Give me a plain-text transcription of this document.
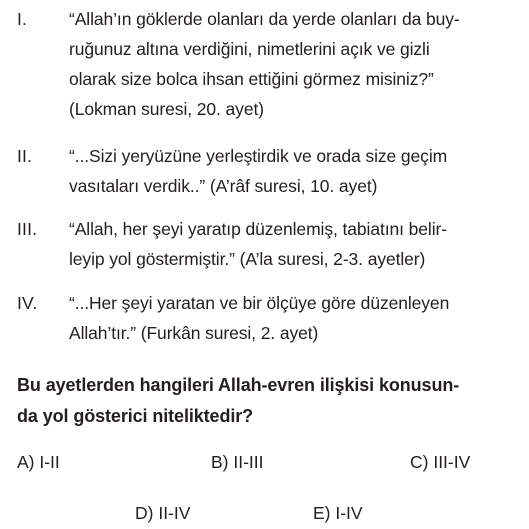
I. “Allah’ın göklerde olanları da yerde olanları da buy-
ruğunuz altına verdiğini, nimetlerini açık ve gizli
olarak size bolca ihsan ettiğini görmez misiniz?”
(Lokman suresi, 20. ayet)
II. “...Sizi yeryüzüne yerleştirdik ve orada size geçim
vasıtaları verdik..” (A’râf suresi, 10. ayet)
III. “Allah, her şeyi yaratıp düzenlemiş, tabiatını belir-
leyip yol göstermiştir.” (A’la suresi, 2-3. ayetler)
IV. “...Her şeyi yaratan ve bir ölçüye göre düzenleyen
Allah’tır.” (Furkân suresi, 2. ayet)
Bu ayetlerden hangileri Allah-evren ilişkisi konusun-
da yol gösterici niteliktedir?
A) I-II	B) II-III	C) III-IV
D) II-IV	E) I-IV
